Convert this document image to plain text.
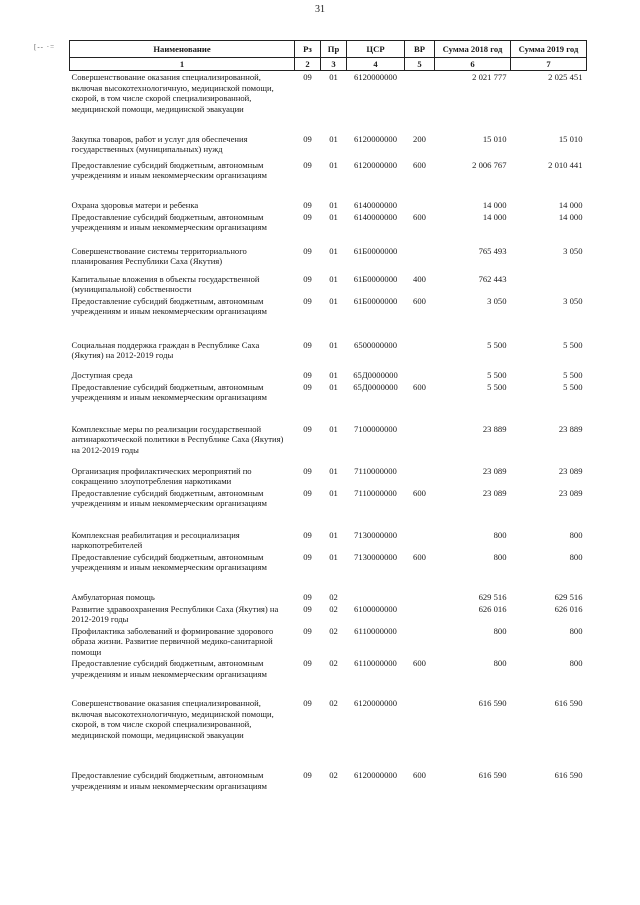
31
[-- ·=	Наименование	Рз	Пр	ЦСР	ВР	Сумма 2018 год	Сумма 2019 год
1	2	3	4	5	6	7
Совершенствование оказания специализированной, включая высокотехнологичную, медицинской помощи, скорой, в том числе скорой специализированной, медицинской помощи, медицинской эвакуации	09	01	6120000000		2 021 777	2 025 451
Закупка товаров, работ и услуг для обеспечения государственных (муниципальных) нужд	09	01	6120000000	200	15 010	15 010
Предоставление субсидий бюджетным, автономным учреждениям и иным некоммерческим организациям	09	01	6120000000	600	2 006 767	2 010 441
Охрана здоровья матери и ребенка	09	01	6140000000		14 000	14 000
Предоставление субсидий бюджетным, автономным учреждениям и иным некоммерческим организациям	09	01	6140000000	600	14 000	14 000
Совершенствование системы территориального планирования Республики Саха (Якутия)	09	01	61Б0000000		765 493	3 050
Капитальные вложения в объекты государственной (муниципальной) собственности	09	01	61Б0000000	400	762 443	
Предоставление субсидий бюджетным, автономным учреждениям и иным некоммерческим организациям	09	01	61Б0000000	600	3 050	3 050
Социальная поддержка граждан в Республике Саха (Якутия) на 2012-2019 годы	09	01	6500000000		5 500	5 500
Доступная среда	09	01	65Д0000000		5 500	5 500
Предоставление субсидий бюджетным, автономным учреждениям и иным некоммерческим организациям	09	01	65Д0000000	600	5 500	5 500
Комплексные меры по реализации государственной антинаркотической политики в Республике Саха (Якутия) на 2012-2019 годы	09	01	7100000000		23 889	23 889
Организация профилактических мероприятий по сокращению злоупотребления наркотиками	09	01	7110000000		23 089	23 089
Предоставление субсидий бюджетным, автономным учреждениям и иным некоммерческим организациям	09	01	7110000000	600	23 089	23 089
Комплексная реабилитация и ресоциализация наркопотребителей	09	01	7130000000		800	800
Предоставление субсидий бюджетным, автономным учреждениям и иным некоммерческим организациям	09	01	7130000000	600	800	800
Амбулаторная помощь	09	02			629 516	629 516
Развитие здравоохранения Республики Саха (Якутия) на 2012-2019 годы	09	02	6100000000		626 016	626 016
Профилактика заболеваний и формирование здорового образа жизни. Развитие первичной медико-санитарной помощи	09	02	6110000000		800	800
Предоставление субсидий бюджетным, автономным учреждениям и иным некоммерческим организациям	09	02	6110000000	600	800	800
Совершенствование оказания специализированной, включая высокотехнологичную, медицинской помощи, скорой, в том числе скорой специализированной, медицинской помощи, медицинской эвакуации	09	02	6120000000		616 590	616 590
Предоставление субсидий бюджетным, автономным учреждениям и иным некоммерческим организациям	09	02	6120000000	600	616 590	616 590
